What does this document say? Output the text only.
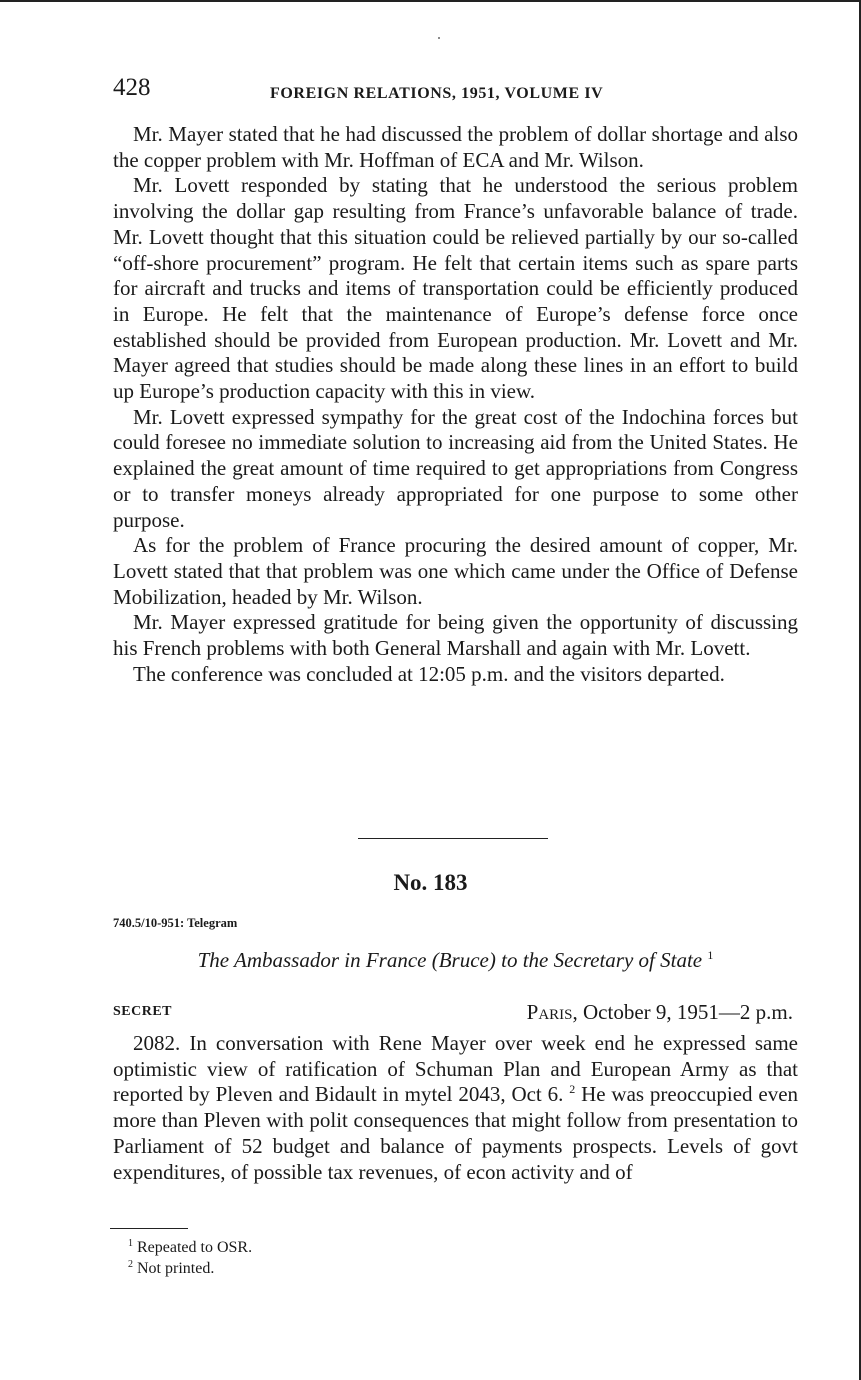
428	FOREIGN RELATIONS, 1951, VOLUME IV

Mr. Mayer stated that he had discussed the problem of dollar shortage and also the copper problem with Mr. Hoffman of ECA and Mr. Wilson.

Mr. Lovett responded by stating that he understood the serious problem involving the dollar gap resulting from France’s unfavorable balance of trade. Mr. Lovett thought that this situation could be relieved partially by our so-called “off-shore procurement” program. He felt that certain items such as spare parts for aircraft and trucks and items of transportation could be efficiently produced in Europe. He felt that the maintenance of Europe’s defense force once established should be provided from European production. Mr. Lovett and Mr. Mayer agreed that studies should be made along these lines in an effort to build up Europe’s production capacity with this in view.

Mr. Lovett expressed sympathy for the great cost of the Indochina forces but could foresee no immediate solution to increasing aid from the United States. He explained the great amount of time required to get appropriations from Congress or to transfer moneys already appropriated for one purpose to some other purpose.

As for the problem of France procuring the desired amount of copper, Mr. Lovett stated that that problem was one which came under the Office of Defense Mobilization, headed by Mr. Wilson.

Mr. Mayer expressed gratitude for being given the opportunity of discussing his French problems with both General Marshall and again with Mr. Lovett.

The conference was concluded at 12:05 p.m. and the visitors departed.

No. 183
740.5/10-951: Telegram
The Ambassador in France (Bruce) to the Secretary of State $^1$
SECRET	Paris, October 9, 1951—2 p.m.

2082. In conversation with Rene Mayer over week end he expressed same optimistic view of ratification of Schuman Plan and European Army as that reported by Pleven and Bidault in mytel 2043, Oct 6. $^2$ He was preoccupied even more than Pleven with polit consequences that might follow from presentation to Parliament of 52 budget and balance of payments prospects. Levels of govt expenditures, of possible tax revenues, of econ activity and of

$^1$ Repeated to OSR.
$^2$ Not printed.
